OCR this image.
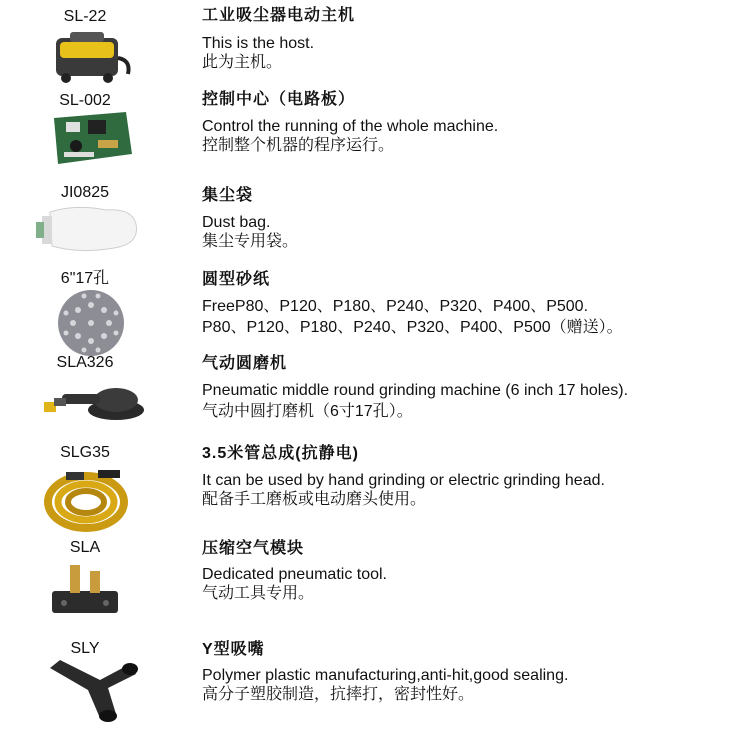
SL-22	工业吸尘器电动主机
This is the host.
此为主机。
SL-002	控制中心（电路板）
Control the running of the whole machine.
控制整个机器的程序运行。
JI0825	集尘袋
Dust bag.
集尘专用袋。
6"17孔	圆型砂纸
FreeP80、P120、P180、P240、P320、P400、P500.
P80、P120、P180、P240、P320、P400、P500（赠送）。
SLA326	气动圆磨机
Pneumatic middle round grinding machine (6 inch 17 holes).
气动中圆打磨机（6寸17孔）。
SLG35	3.5米管总成(抗静电)
It can be used by hand grinding or electric grinding head.
配备手工磨板或电动磨头使用。
SLA	压缩空气模块
Dedicated pneumatic tool.
气动工具专用。
SLY	Y型吸嘴
Polymer plastic manufacturing,anti-hit,good sealing.
高分子塑胶制造，抗摔打，密封性好。
